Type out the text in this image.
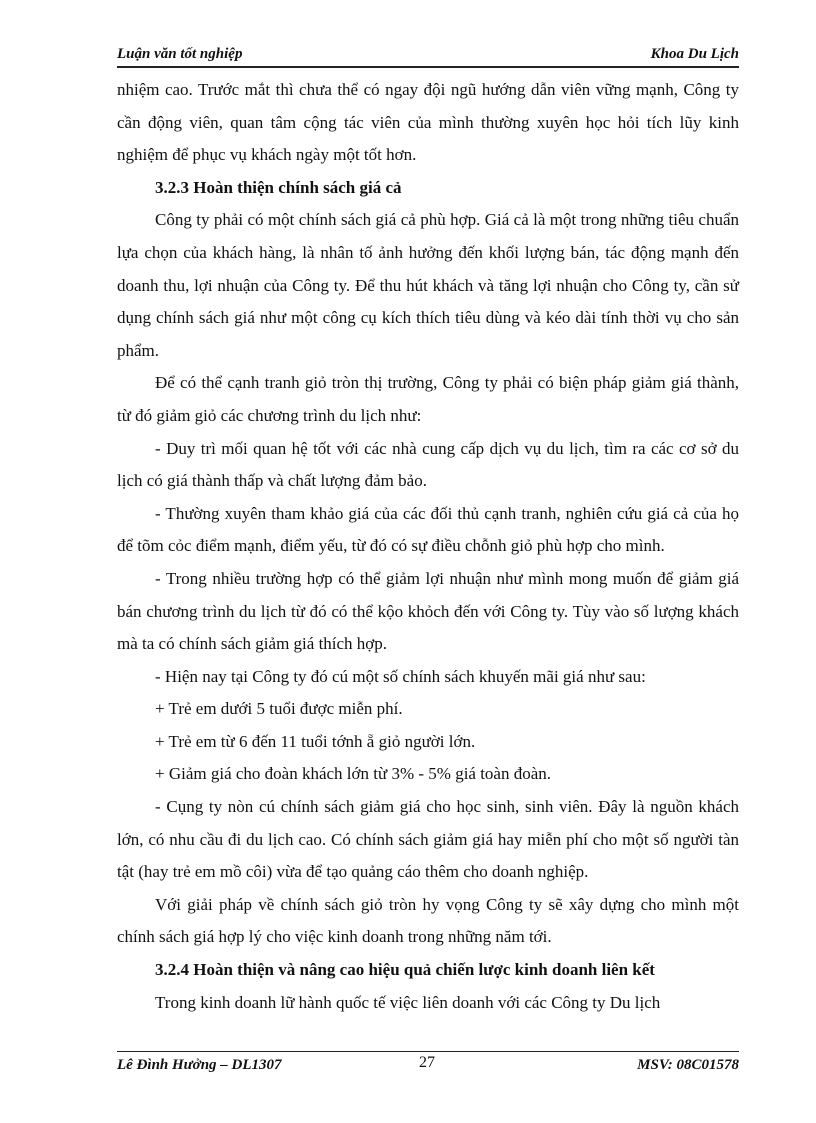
Luận văn tốt nghiệp	Khoa Du Lịch

nhiệm cao. Trước mắt thì chưa thể có ngay đội ngũ hướng dẫn viên vững mạnh, Công ty cần động viên, quan tâm cộng tác viên của mình thường xuyên học hỏi tích lũy kinh nghiệm để phục vụ khách ngày một tốt hơn.

3.2.3 Hoàn thiện chính sách giá cả

Công ty phải có một chính sách giá cả phù hợp. Giá cả là một trong những tiêu chuẩn lựa chọn của khách hàng, là nhân tố ảnh hưởng đến khối lượng bán, tác động mạnh đến doanh thu, lợi nhuận của Công ty. Để thu hút khách và tăng lợi nhuận cho Công ty, cần sử dụng chính sách giá như một công cụ kích thích tiêu dùng và kéo dài tính thời vụ cho sản phẩm.

Để có thể cạnh tranh giỏ tròn thị trường, Công ty phải có biện pháp giảm giá thành, từ đó giảm giỏ các chương trình du lịch như:

- Duy trì mối quan hệ tốt với các nhà cung cấp dịch vụ du lịch, tìm ra các cơ sở du lịch có giá thành thấp và chất lượng đảm bảo.

- Thường xuyên tham khảo giá của các đối thủ cạnh tranh, nghiên cứu giá cả của họ để tõm cỏc điểm mạnh, điểm yếu, từ đó có sự điều chỗnh giỏ phù hợp cho mình.

- Trong nhiều trường hợp có thể giảm lợi nhuận như mình mong muốn để giảm giá bán chương trình du lịch từ đó có thể kộo khỏch đến với Công ty. Tùy vào số lượng khách mà ta có chính sách giảm giá thích hợp.

- Hiện nay tại Công ty đó cú một số chính sách khuyến mãi giá như sau:

+ Trẻ em dưới 5 tuổi được miễn phí.

+ Trẻ em từ 6 đến 11 tuổi tớnh ẵ giỏ người lớn.

+ Giảm giá cho đoàn khách lớn từ 3% - 5% giá toàn đoàn.

- Cụng ty nòn cú chính sách giảm giá cho học sinh, sinh viên. Đây là nguồn khách lớn, có nhu cầu đi du lịch cao. Có chính sách giảm giá hay miễn phí cho một số người tàn tật (hay trẻ em mồ côi) vừa để tạo quảng cáo thêm cho doanh nghiệp.

Với giải pháp về chính sách giỏ tròn hy vọng Công ty sẽ xây dựng cho mình một chính sách giá hợp lý cho việc kinh doanh trong những năm tới.

3.2.4 Hoàn thiện và nâng cao hiệu quả chiến lược kinh doanh liên kết

Trong kinh doanh lữ hành quốc tế việc liên doanh với các Công ty Du lịch

Lê Đình Hưởng – DL1307	27	MSV: 08C01578
